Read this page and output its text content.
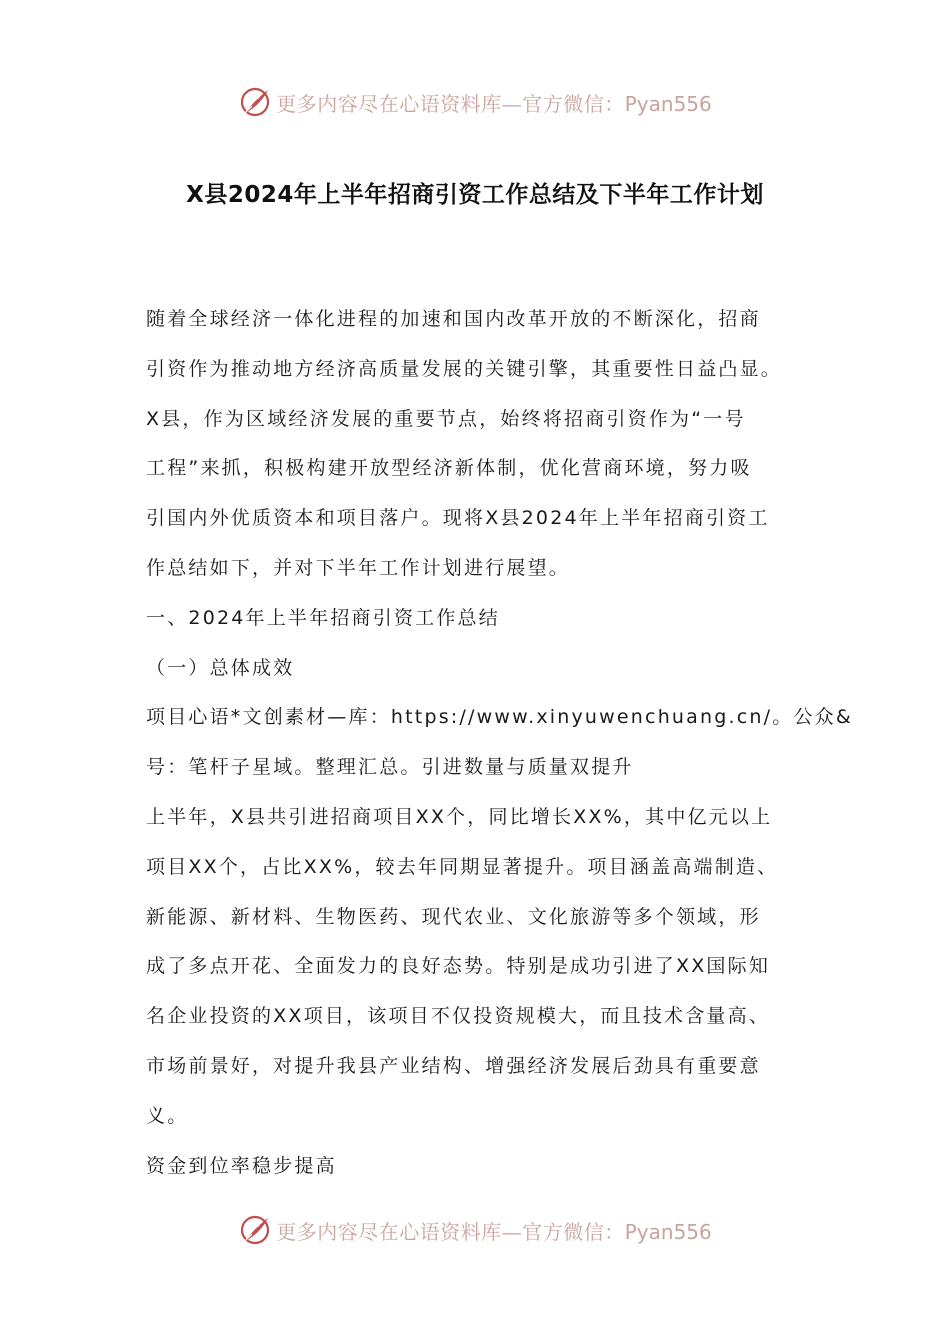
更多内容尽在心语资料库—官方微信：Pyan556
X县2024年上半年招商引资工作总结及下半年工作计划
随着全球经济一体化进程的加速和国内改革开放的不断深化，招商
引资作为推动地方经济高质量发展的关键引擎，其重要性日益凸显。
X县，作为区域经济发展的重要节点，始终将招商引资作为“一号
工程”来抓，积极构建开放型经济新体制，优化营商环境，努力吸
引国内外优质资本和项目落户。现将X县2024年上半年招商引资工
作总结如下，并对下半年工作计划进行展望。
一、2024年上半年招商引资工作总结
（一）总体成效
项目心语*文创素材—库：https://www.xinyuwenchuang.cn/。公众&
号：笔杆子星域。整理汇总。引进数量与质量双提升
上半年，X县共引进招商项目XX个，同比增长XX%，其中亿元以上
项目XX个，占比XX%，较去年同期显著提升。项目涵盖高端制造、
新能源、新材料、生物医药、现代农业、文化旅游等多个领域，形
成了多点开花、全面发力的良好态势。特别是成功引进了XX国际知
名企业投资的XX项目，该项目不仅投资规模大，而且技术含量高、
市场前景好，对提升我县产业结构、增强经济发展后劲具有重要意
义。
资金到位率稳步提高
更多内容尽在心语资料库—官方微信：Pyan556
